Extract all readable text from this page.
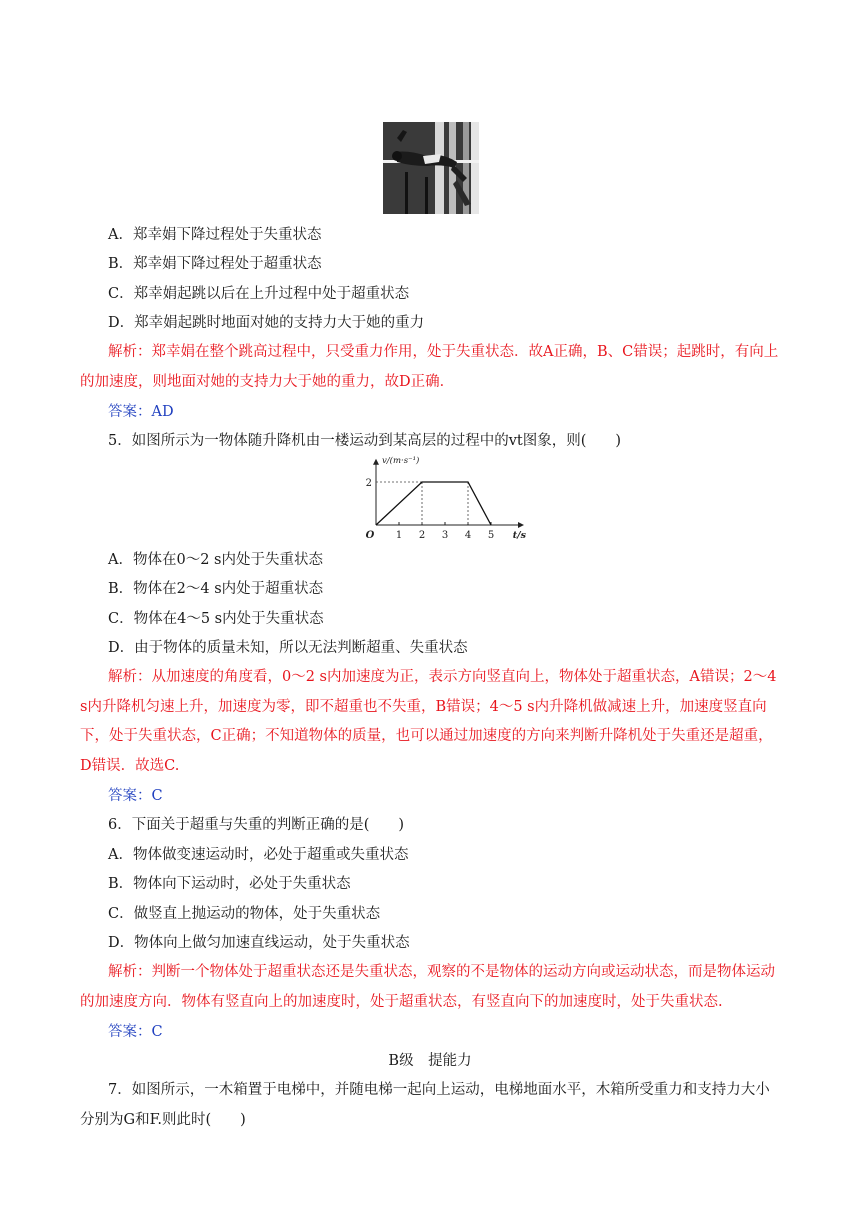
A．郑幸娟下降过程处于失重状态
B．郑幸娟下降过程处于超重状态
C．郑幸娟起跳以后在上升过程中处于超重状态
D．郑幸娟起跳时地面对她的支持力大于她的重力
解析：郑幸娟在整个跳高过程中，只受重力作用，处于失重状态．故A正确，B、C错误；起跳时，有向上的加速度，则地面对她的支持力大于她的重力，故D正确．
答案：AD
5．如图所示为一物体随升降机由一楼运动到某高层的过程中的vt图象，则(　　)
1 2 3 4 5
2
O
v/(m·s⁻¹)
t/s
A．物体在0～2 s内处于失重状态
B．物体在2～4 s内处于超重状态
C．物体在4～5 s内处于失重状态
D．由于物体的质量未知，所以无法判断超重、失重状态
解析：从加速度的角度看，0～2 s内加速度为正，表示方向竖直向上，物体处于超重状态，A错误；2～4 s内升降机匀速上升，加速度为零，即不超重也不失重，B错误；4～5 s内升降机做减速上升，加速度竖直向下，处于失重状态，C正确；不知道物体的质量，也可以通过加速度的方向来判断升降机处于失重还是超重，D错误．故选C.
答案：C
6．下面关于超重与失重的判断正确的是(　　)
A．物体做变速运动时，必处于超重或失重状态
B．物体向下运动时，必处于失重状态
C．做竖直上抛运动的物体，处于失重状态
D．物体向上做匀加速直线运动，处于失重状态
解析：判断一个物体处于超重状态还是失重状态，观察的不是物体的运动方向或运动状态，而是物体运动的加速度方向．物体有竖直向上的加速度时，处于超重状态，有竖直向下的加速度时，处于失重状态.
答案：C
B级　提能力
7．如图所示，一木箱置于电梯中，并随电梯一起向上运动，电梯地面水平，木箱所受重力和支持力大小分别为G和F.则此时(　　)
